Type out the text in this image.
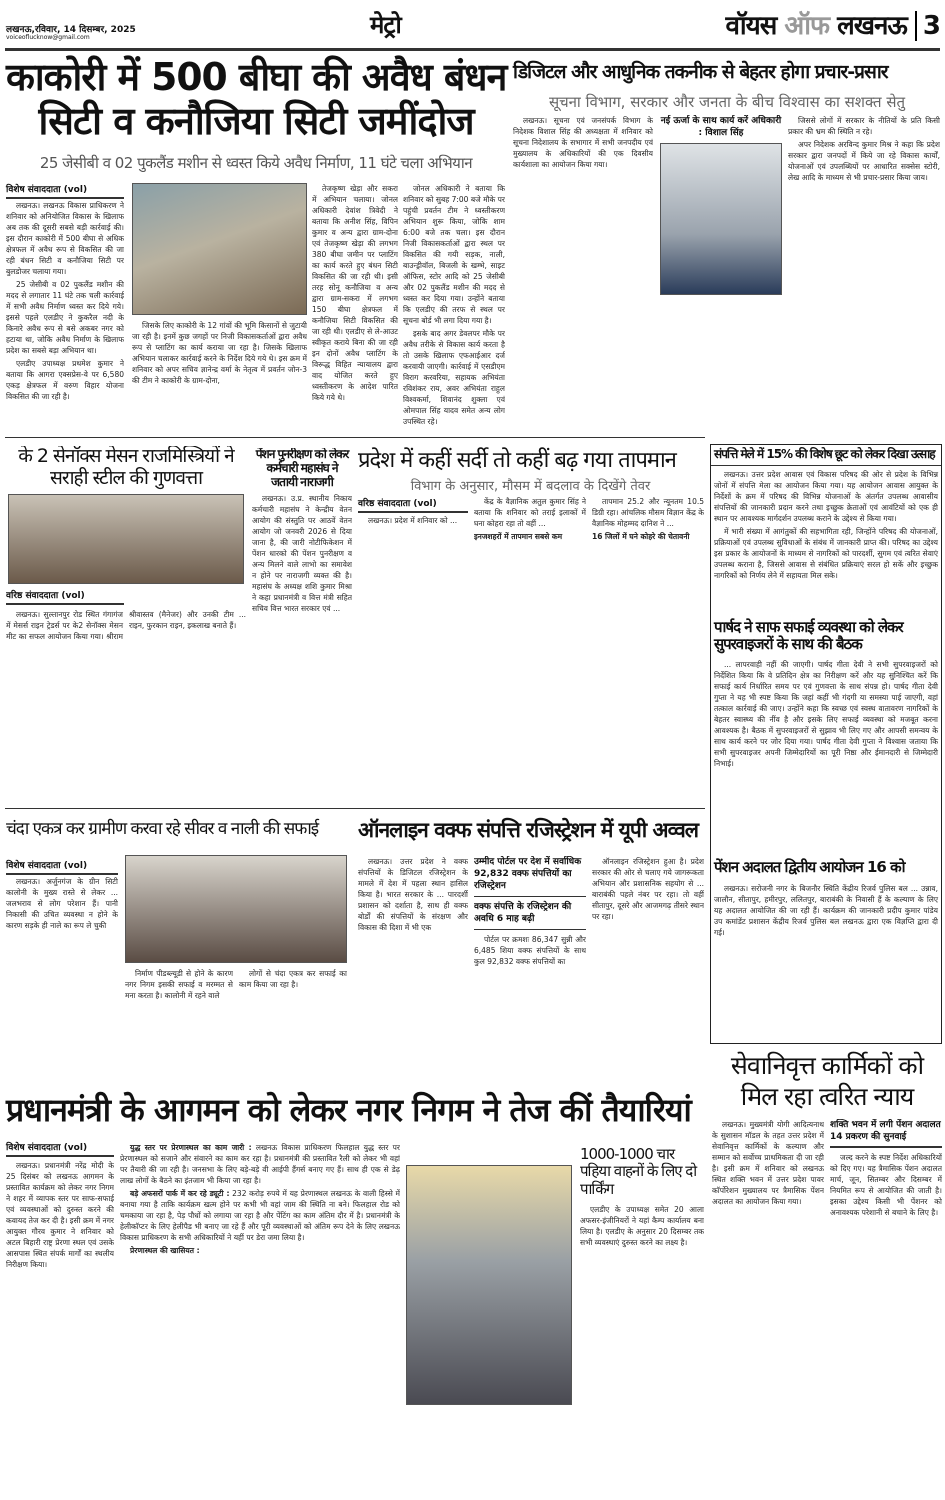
लखनऊ,रविवार, 14 दिसम्बर, 2025
voiceoflucknow@gmail.com	मेट्रो	वॉयस ऑफ लखनऊ 3
काकोरी में 500 बीघा की अवैध बंधन
सिटी व कनौजिया सिटी जमींदोज
25 जेसीबी व 02 पुकलैंड मशीन से ध्वस्त किये अवैध निर्माण, 11 घंटे चला अभियान
विशेष संवाददाता (vol)

लखनऊ। लखनऊ विकास प्राधिकरण ने शनिवार को अनियोजित विकास के खिलाफ अब तक की दूसरी सबसे बड़ी कार्रवाई की। इस दौरान काकोरी में 500 बीघा से अधिक क्षेत्रफल में अवैध रूप से विकसित की जा रही बंधन सिटी व कनौजिया सिटी पर बुलडोजर चलाया गया।

25 जेसीबी व 02 पुकलैंड मशीन की मदद से लगातार 11 घंटे तक चली कार्रवाई में सभी अवैध निर्माण ध्वस्त कर दिये गये। इससे पहले एलडीए ने कुकरैल नदी के किनारे अवैध रूप से बसे अकबर नगर को हटाया था, जोकि अवैध निर्माण के खिलाफ प्रदेश का सबसे बड़ा अभियान था।

एलडीए उपाध्यक्ष प्रथमेश कुमार ने बताया कि आगरा एक्सप्रेस-वे पर 6,580 एकड़ क्षेत्रफल में वरुण विहार योजना विकसित की जा रही है।

जिसके लिए काकोरी के 12 गांवों की भूमि किसानों से जुटायी जा रही है। इनमें कुछ जगहों पर निजी विकासकर्ताओं द्वारा अवैध रूप से प्लाटिंग का कार्य कराया जा रहा है। जिसके खिलाफ अभियान चलाकर कार्रवाई करने के निर्देश दिये गये थे। इस क्रम में शनिवार को अपर सचिव ज्ञानेन्द्र वर्मा के नेतृत्व में प्रवर्तन जोन-3 की टीम ने काकोरी के ग्राम-दोना,

तेजकृष्ण खेड़ा और सकरा में अभियान चलाया। जोनल अधिकारी देवांश त्रिवेदी ने बताया कि अनीश सिंह, विपिन कुमार व अन्य द्वारा ग्राम-दोना एवं तेजकृष्ण खेड़ा की लगभग 380 बीघा जमीन पर प्लाटिंग का कार्य करते हुए बंधन सिटी विकसित की जा रही थी। इसी तरह सोनू कनौजिया व अन्य द्वारा ग्राम-सकरा में लगभग 150 बीघा क्षेत्रफल में कनौजिया सिटी विकसित की जा रही थी। एलडीए से ले-आउट स्वीकृत कराये बिना की जा रही इन दोनों अवैध प्लाटिंग के विरूद्ध विहित न्यायालय द्वारा वाद योजित करते हुए ध्वस्तीकरण के आदेश पारित किये गये थे।

जोनल अधिकारी ने बताया कि शनिवार को सुबह 7:00 बजे मौके पर पहुंची प्रवर्तन टीम ने ध्वस्तीकरण अभियान शुरू किया, जोकि शाम 6:00 बजे तक चला। इस दौरान निजी विकासकर्ताओं द्वारा स्थल पर विकसित की गयी सड़क, नाली, बाउन्ड्रीवॉल, बिजली के खम्भे, साइट ऑफिस, स्टोर आदि को 25 जेसीबी और 02 पुकलैंड मशीन की मदद से ध्वस्त कर दिया गया। उन्होंने बताया कि एलडीए की तरफ से स्थल पर सूचना बोर्ड भी लगा दिया गया है।

इसके बाद अगर डेवलपर मौके पर अवैध तरीके से विकास कार्य करता है तो उसके खिलाफ एफआईआर दर्ज करवायी जाएगी। कार्रवाई में एसडीएम विराग करवरिया, सहायक अभियंता रविशंकर राय, अवर अभियंता राहुल विश्वकर्मा, शिवानंद शुक्ला एवं ओमपाल सिंह यादव समेत अन्य लोग उपस्थित रहे।

डिजिटल और आधुनिक तकनीक से बेहतर होगा प्रचार-प्रसार
सूचना विभाग, सरकार और जनता के बीच विश्वास का सशक्त सेतु

लखनऊ। सूचना एवं जनसंपर्क विभाग के निदेशक विशाल सिंह की अध्यक्षता में शनिवार को सूचना निदेशालय के सभागार में सभी जनपदीय एवं मुख्यालय के अधिकारियों की एक दिवसीय कार्यशाला का आयोजन किया गया।

नई ऊर्जा के साथ कार्य करें अधिकारी : विशाल सिंह

जिससे लोगों में सरकार के नीतियों के प्रति किसी प्रकार की भ्रम की स्थिति न रहे।

अपर निदेशक अरविन्द कुमार मिश्र ने कहा कि प्रदेश सरकार द्वारा जनपदों में किये जा रहे विकास कार्यों, योजनाओं एवं उपलब्धियों पर आधारित सक्सेस स्टोरी, लेख आदि के माध्यम से भी प्रचार-प्रसार किया जाय।

के 2 सेनॉक्स मेसन राजमिस्त्रियों ने सराही स्टील की गुणवत्ता
वरिष्ठ संवाददाता (vol)

लखनऊ। सुल्तानपुर रोड स्थित गंगागंज में मेसर्स राइन ट्रेडर्स पर के2 सेनॉक्स मेसन मीट का सफल आयोजन किया गया। श्रीराम श्रीवास्तव (मैनेजर) और उनकी टीम ... राइन, फुरकान राइन, इकलाख बनाते हैं।

पेंशन पुनरीक्षण को लेकर कर्मचारी महासंघ ने जतायी नाराजगी

लखनऊ। उ.प्र. स्थानीय निकाय कर्मचारी महासंघ ने केन्द्रीय वेतन आयोग की संस्तुति पर आठवें वेतन आयोग जो जनवरी 2026 से दिया जाना है, की जारी नोटीफिकेशन में पेंशन धारको की पेंशन पुनरीक्षण व अन्य मिलने वाले लाभो का समावेश न होने पर नाराजगी व्यक्त की है। महासंघ के अध्यक्ष शशि कुमार मिश्रा ने कहा प्रधानमंत्री व वित्त मंत्री सहित सचिव वित्त भारत सरकार एवं ...

प्रदेश में कहीं सर्दी तो कहीं बढ़ गया तापमान
विभाग के अनुसार, मौसम में बदलाव के दिखेंगे तेवर
वरिष्ठ संवाददाता (vol)

लखनऊ। प्रदेश में शनिवार को ...

केंद्र के वैज्ञानिक अतुल कुमार सिंह ने बताया कि शनिवार को तराई इलाकों में घना कोहरा रहा तो वहीं ...

इनजशहरों में तापमान सबसे कम

तापमान 25.2 और न्यूनतम 10.5 डिग्री रहा। आंचलिक मौसम विज्ञान केंद्र के वैज्ञानिक मोहम्मद दानिश ने ...

16 जिलों में घने कोहरे की चेतावनी
संपत्ति मेले में 15% की विशेष छूट को लेकर दिखा उत्साह

लखनऊ। उत्तर प्रदेश आवास एवं विकास परिषद की ओर से प्रदेश के विभिन्न जोनों में संपत्ति मेला का आयोजन किया गया। यह आयोजन आवास आयुक्त के निर्देशों के क्रम में परिषद की विभिन्न योजनाओं के अंतर्गत उपलब्ध आवासीय संपत्तियों की जानकारी प्रदान करने तथा इच्छुक क्रेताओं एवं आवंटियों को एक ही स्थान पर आवश्यक मार्गदर्शन उपलब्ध कराने के उद्देश्य से किया गया।

में भारी संख्या में आगंतुकों की सहभागिता रही, जिन्होंने परिषद की योजनाओं, प्रक्रियाओं एवं उपलब्ध सुविधाओं के संबंध में जानकारी प्राप्त की। परिषद का उद्देश्य इस प्रकार के आयोजनों के माध्यम से नागरिकों को पारदर्शी, सुगम एवं त्वरित सेवाएं उपलब्ध कराना है, जिससे आवास से संबंधित प्रक्रियाएं सरल हो सकें और इच्छुक नागरिकों को निर्णय लेने में सहायता मिल सके।

पार्षद ने साफ सफाई व्यवस्था को लेकर सुपरवाइजरों के साथ की बैठक

... लापरवाही नहीं की जाएगी। पार्षद गीता देवी ने सभी सुपरवाइजरों को निर्देशित किया कि वे प्रतिदिन क्षेत्र का निरीक्षण करें और यह सुनिश्चित करें कि सफाई कार्य निर्धारित समय पर एवं गुणवत्ता के साथ संपन्न हो। पार्षद गीता देवी गुप्ता ने यह भी स्पष्ट किया कि जहां कहीं भी गंदगी या समस्या पाई जाएगी, वहां तत्काल कार्रवाई की जाए। उन्होंने कहा कि स्वच्छ एवं स्वस्थ वातावरण नागरिकों के बेहतर स्वास्थ्य की नींव है और इसके लिए सफाई व्यवस्था को मजबूत करना आवश्यक है। बैठक में सुपरवाइजरों से सुझाव भी लिए गए और आपसी समन्वय के साथ कार्य करने पर जोर दिया गया। पार्षद गीता देवी गुप्ता ने विश्वास जताया कि सभी सुपरवाइजर अपनी जिम्मेदारियों का पूरी निष्ठा और ईमानदारी से जिम्मेदारी निभाई।

पेंशन अदालत द्वितीय आयोजन 16 को

लखनऊ। सरोजनी नगर के बिजनौर स्थिति केंद्रीय रिजर्व पुलिस बल ... उन्नाव, जालौन, सीतापुर, हमीरपुर, ललितपुर, बाराबंकी के निवासी हैं के कल्याण के लिए यह अदालत आयोजित की जा रही हैं। कार्यक्रम की जानकारी प्रदीप कुमार पांडेय उप कमांडेंट प्रशासन केंद्रीय रिजर्व पुलिस बल लखनऊ द्वारा एक विज्ञप्ति द्वारा दी गई।

चंदा एकत्र कर ग्रामीण करवा रहे सीवर व नाली की सफाई
विशेष संवाददाता (vol)

लखनऊ। अर्जुनगंज के ग्रीन सिटी कालोनी के मुख्य रास्ते से लेकर ... जलभराव से लोग परेशान हैं। पानी निकासी की उचित व्यवस्था न होने के कारण सड़के ही नाले का रूप ले चुकी

निर्माण पीडब्ल्यूडी से होने के कारण नगर निगम इसकी सफाई व मरम्मत से मना करता है। कालोनी में रहने वाले

लोगों से चंदा एकत्र कर सफाई का काम किया जा रहा है।

ऑनलाइन वक्फ संपत्ति रजिस्ट्रेशन में यूपी अव्वल

लखनऊ। उत्तर प्रदेश ने वक्फ संपत्तियों के डिजिटल रजिस्ट्रेशन के मामले में देश में पहला स्थान हासिल किया है। भारत सरकार के ... पारदर्शी प्रशासन को दर्शाता है, साथ ही वक्फ बोर्डों की संपत्तियों के संरक्षण और विकास की दिशा में भी एक

उम्मीद पोर्टल पर देश में सर्वाधिक 92,832 वक्फ संपत्तियों का रजिस्ट्रेशन
वक्फ संपत्ति के रजिस्ट्रेशन की अवधि 6 माह बढ़ी

पोर्टल पर क्रमशः 86,347 सुन्नी और 6,485 शिया वक्फ संपत्तियों के साथ कुल 92,832 वक्फ संपत्तियों का

ऑनलाइन रजिस्ट्रेशन हुआ है। प्रदेश सरकार की ओर से चलाए गये जागरूकता अभियान और प्रशासनिक सहयोग से ... बाराबंकी पहले नंबर पर रहा। तो वहीं सीतापुर, दूसरे और आजमगढ़ तीसरे स्थान पर रहा।

सेवानिवृत्त कार्मिकों को मिल रहा त्वरित न्याय

लखनऊ। मुख्यमंत्री योगी आदित्यनाथ के सुशासन मॉडल के तहत उत्तर प्रदेश में सेवानिवृत्त कार्मिकों के कल्याण और सम्मान को सर्वोच्च प्राथमिकता दी जा रही है। इसी क्रम में शनिवार को लखनऊ स्थित शक्ति भवन में उत्तर प्रदेश पावर कॉर्पोरेशन मुख्यालय पर त्रैमासिक पेंशन अदालत का आयोजन किया गया।

शक्ति भवन में लगी पेंशन अदालत 14 प्रकरण की सुनवाई

जल्द करने के स्पष्ट निर्देश अधिकारियों को दिए गए। यह त्रैमासिक पेंशन अदालत मार्च, जून, सितम्बर और दिसम्बर में नियमित रूप से आयोजित की जाती है। इसका उद्देश्य किसी भी पेंशनर को अनावश्यक परेशानी से बचाने के लिए है।

प्रधानमंत्री के आगमन को लेकर नगर निगम ने तेज कीं तैयारियां
विशेष संवाददाता (vol)

लखनऊ। प्रधानमंत्री नरेंद्र मोदी के 25 दिसंबर को लखनऊ आगमन के प्रस्तावित कार्यक्रम को लेकर नगर निगम ने शहर में व्यापक स्तर पर साफ-सफाई एवं व्यवस्थाओं को दुरुस्त करने की कवायद तेज कर दी है। इसी क्रम में नगर आयुक्त गौरव कुमार ने शनिवार को अटल बिहारी राष्ट्र प्रेरणा स्थल एवं उसके आसपास स्थित संपर्क मार्गों का स्थलीय निरीक्षण किया।

युद्ध स्तर पर प्रेरणास्थल का काम जारी : लखनऊ विकास प्राधिकरण फिलहाल युद्ध स्तर पर प्रेरणास्थल को सजाने और संवारने का काम कर रहा है। प्रधानमंत्री की प्रस्तावित रैली को लेकर भी वहां पर तैयारी की जा रही है। जनसभा के लिए बड़े-बड़े वी आईपी हैंगर्स बनाए गए हैं। साथ ही एक से डेढ़ लाख लोगों के बैठने का इंतजाम भी किया जा रहा है।

बड़े अफसरों पार्क में कर रहे ड्यूटी : 232 करोड़ रुपये में यह प्रेरणास्थल लखनऊ के वाली हिस्से में बनाया गया है ताकि कार्यक्रम खत्म होने पर कभी भी वहां जाम की स्थिति ना बने। फिलहाल रोड को चमकाया जा रहा है, पेड़ पौधों को लगाया जा रहा है और पेंटिंग का काम अंतिम दौर में है। प्रधानमंत्री के हेलीकॉप्टर के लिए हेलीपैड भी बनाए जा रहे हैं और पूरी व्यवस्थाओं को अंतिम रूप देने के लिए लखनऊ विकास प्राधिकरण के सभी अधिकारियों ने यहीं पर डेरा जमा लिया है।

प्रेरणास्थल की खासियत :

1000-1000 चार पहिया वाहनों के लिए दो पार्किंग

एलडीए के उपाध्यक्ष समेत 20 आला अफसर-इंजीनियरों ने यहां कैम्प कार्यालय बना लिया है। एलडीए के अनुसार 20 दिसम्बर तक सभी व्यवस्थाएं दुरुस्त करने का लक्ष्य है।
